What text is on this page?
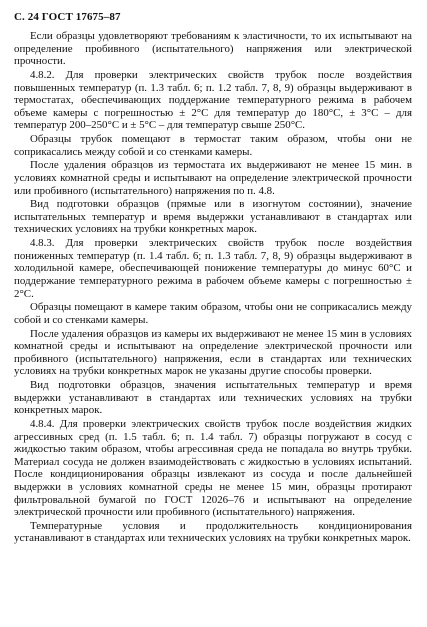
С. 24 ГОСТ 17675–87

Если образцы удовлетворяют требованиям к эластичности, то их испытывают на определение пробивного (испытательного) напряжения или электрической прочности.

4.8.2. Для проверки электрических свойств трубок после воздействия повышенных температур (п. 1.3 табл. 6; п. 1.2 табл. 7, 8, 9) образцы выдерживают в термостатах, обеспечивающих поддержание температурного режима в рабочем объеме камеры с погрешностью ± 2°С для температур до 180°С, ± 3°С – для температур 200–250°С и ± 5°С – для температур свыше 250°С.

Образцы трубок помещают в термостат таким образом, чтобы они не соприкасались между собой и со стенками камеры.

После удаления образцов из термостата их выдерживают не менее 15 мин. в условиях комнатной среды и испытывают на определение электрической прочности или пробивного (испытательного) напряжения по п. 4.8.

Вид подготовки образцов (прямые или в изогнутом состоянии), значение испытательных температур и время выдержки устанавливают в стандартах или технических условиях на трубки конкретных марок.

4.8.3. Для проверки электрических свойств трубок после воздействия пониженных температур (п. 1.4 табл. 6; п. 1.3 табл. 7, 8, 9) образцы выдерживают в холодильной камере, обеспечивающей понижение температуры до минус 60°С и поддержание температурного режима в рабочем объеме камеры с погрешностью ± 2°С.

Образцы помещают в камере таким образом, чтобы они не соприкасались между собой и со стенками камеры.

После удаления образцов из камеры их выдерживают не менее 15 мин в условиях комнатной среды и испытывают на определение электрической прочности или пробивного (испытательного) напряжения, если в стандартах или технических условиях на трубки конкретных марок не указаны другие способы проверки.

Вид подготовки образцов, значения испытательных температур и время выдержки устанавливают в стандартах или технических условиях на трубки конкретных марок.

4.8.4. Для проверки электрических свойств трубок после воздействия жидких агрессивных сред (п. 1.5 табл. 6; п. 1.4 табл. 7) образцы погружают в сосуд с жидкостью таким образом, чтобы агрессивная среда не попадала во внутрь трубки. Материал сосуда не должен взаимодействовать с жидкостью в условиях испытаний. После кондиционирования образцы извлекают из сосуда и после дальнейшей выдержки в условиях комнатной среды не менее 15 мин, образцы протирают фильтровальной бумагой по ГОСТ 12026–76 и испытывают на определение электрической прочности или пробивного (испытательного) напряжения.

Температурные условия и продолжительность кондиционирования устанавливают в стандартах или технических условиях на трубки конкретных марок.
